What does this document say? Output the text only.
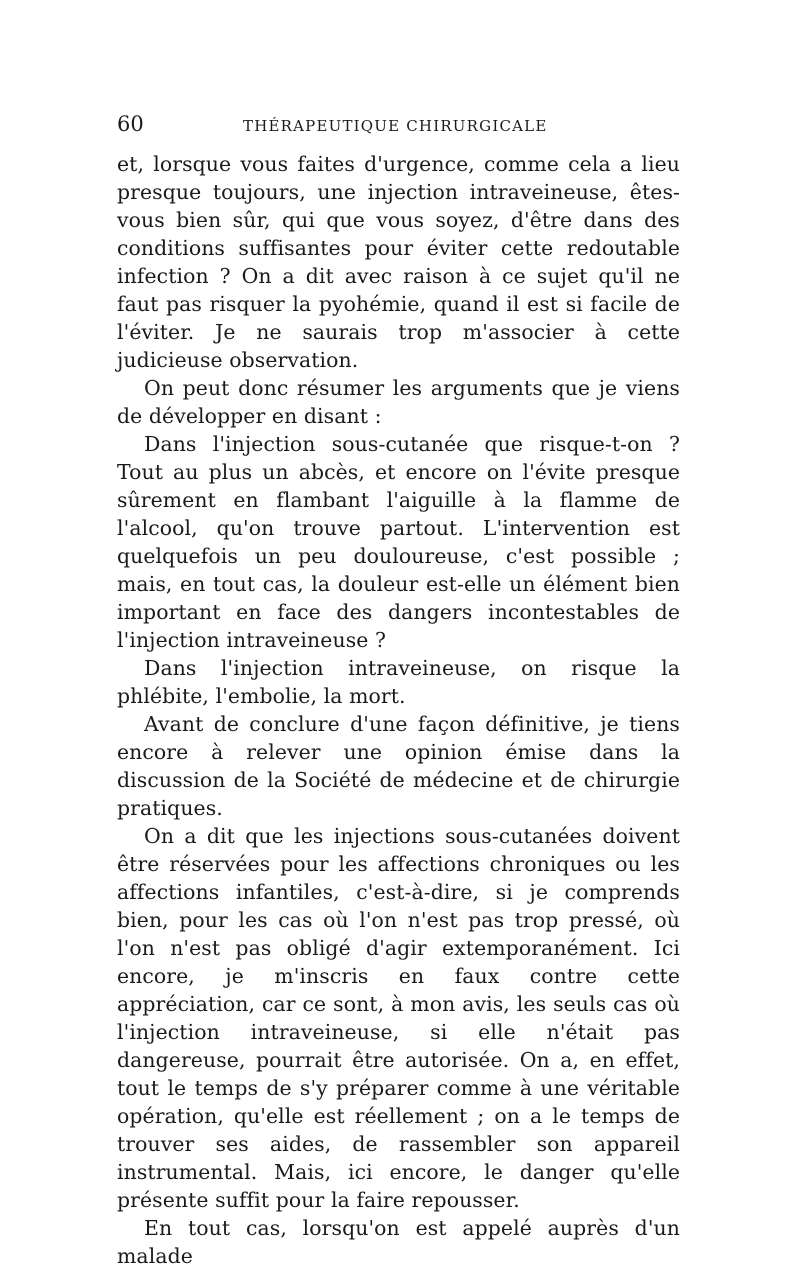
60	THÉRAPEUTIQUE CHIRURGICALE

et, lorsque vous faites d'urgence, comme cela a lieu presque toujours, une injection intraveineuse, êtes-vous bien sûr, qui que vous soyez, d'être dans des conditions suffisantes pour éviter cette redoutable infection ? On a dit avec raison à ce sujet qu'il ne faut pas risquer la pyohémie, quand il est si facile de l'éviter. Je ne saurais trop m'associer à cette judicieuse observation.

On peut donc résumer les arguments que je viens de développer en disant :

Dans l'injection sous-cutanée que risque-t-on ? Tout au plus un abcès, et encore on l'évite presque sûrement en flambant l'aiguille à la flamme de l'alcool, qu'on trouve partout. L'intervention est quelquefois un peu douloureuse, c'est possible ; mais, en tout cas, la douleur est-elle un élément bien important en face des dangers incontestables de l'injection intraveineuse ?

Dans l'injection intraveineuse, on risque la phlébite, l'embolie, la mort.

Avant de conclure d'une façon définitive, je tiens encore à relever une opinion émise dans la discussion de la Société de médecine et de chirurgie pratiques.

On a dit que les injections sous-cutanées doivent être réservées pour les affections chroniques ou les affections infantiles, c'est-à-dire, si je comprends bien, pour les cas où l'on n'est pas trop pressé, où l'on n'est pas obligé d'agir extemporanément. Ici encore, je m'inscris en faux contre cette appréciation, car ce sont, à mon avis, les seuls cas où l'injection intraveineuse, si elle n'était pas dangereuse, pourrait être autorisée. On a, en effet, tout le temps de s'y préparer comme à une véritable opération, qu'elle est réellement ; on a le temps de trouver ses aides, de rassembler son appareil instrumental. Mais, ici encore, le danger qu'elle présente suffit pour la faire repousser.

En tout cas, lorsqu'on est appelé auprès d'un malade
